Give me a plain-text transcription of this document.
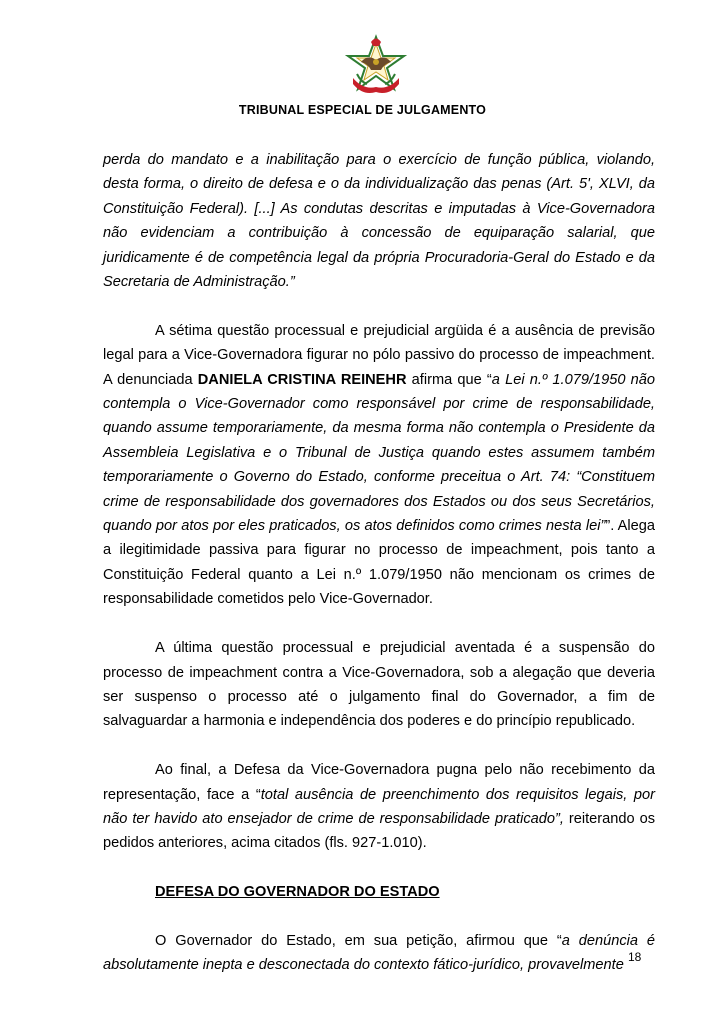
TRIBUNAL ESPECIAL DE JULGAMENTO

perda do mandato e a inabilitação para o exercício de função pública, violando, desta forma, o direito de defesa e o da individualização das penas (Art. 5', XLVI, da Constituição Federal). [...] As condutas descritas e imputadas à Vice-Governadora não evidenciam a contribuição à concessão de equiparação salarial, que juridicamente é de competência legal da própria Procuradoria-Geral do Estado e da Secretaria de Administração.”

A sétima questão processual e prejudicial argüida é a ausência de previsão legal para a Vice-Governadora figurar no pólo passivo do processo de impeachment. A denunciada DANIELA CRISTINA REINEHR afirma que “a Lei n.º 1.079/1950 não contempla o Vice-Governador como responsável por crime de responsabilidade, quando assume temporariamente, da mesma forma não contempla o Presidente da Assembleia Legislativa e o Tribunal de Justiça quando estes assumem também temporariamente o Governo do Estado, conforme preceitua o Art. 74: “Constituem crime de responsabilidade dos governadores dos Estados ou dos seus Secretários, quando por atos por eles praticados, os atos definidos como crimes nesta lei””. Alega a ilegitimidade passiva para figurar no processo de impeachment, pois tanto a Constituição Federal quanto a Lei n.º 1.079/1950 não mencionam os crimes de responsabilidade cometidos pelo Vice-Governador.

A última questão processual e prejudicial aventada é a suspensão do processo de impeachment contra a Vice-Governadora, sob a alegação que deveria ser suspenso o processo até o julgamento final do Governador, a fim de salvaguardar a harmonia e independência dos poderes e do princípio republicado.

Ao final, a Defesa da Vice-Governadora pugna pelo não recebimento da representação, face a “total ausência de preenchimento dos requisitos legais, por não ter havido ato ensejador de crime de responsabilidade praticado”, reiterando os pedidos anteriores, acima citados (fls. 927-1.010).

DEFESA DO GOVERNADOR DO ESTADO

O Governador do Estado, em sua petição, afirmou que “a denúncia é absolutamente inepta e desconectada do contexto fático-jurídico, provavelmente

18
